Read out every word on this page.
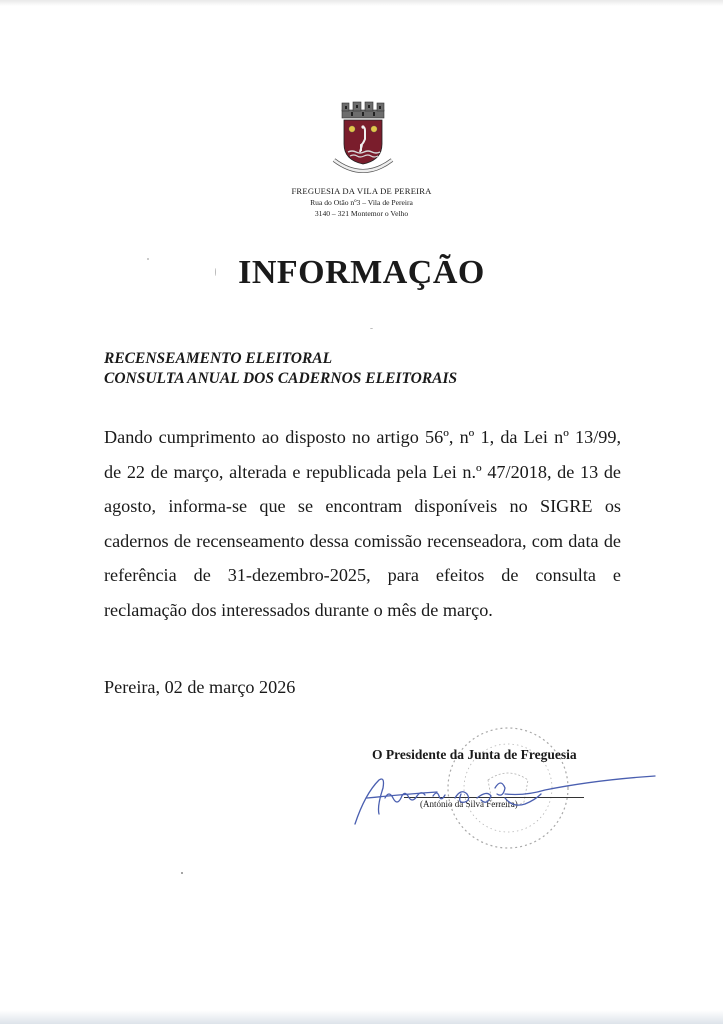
FREGUESIA DA VILA DE PEREIRA
Rua do Otão nº3 – Vila de Pereira
3140 – 321 Montemor o Velho
INFORMAÇÃO
RECENSEAMENTO ELEITORAL
CONSULTA ANUAL DOS CADERNOS ELEITORAIS
Dando cumprimento ao disposto no artigo 56º, nº 1, da Lei nº 13/99, de 22 de março, alterada e republicada pela Lei n.º 47/2018, de 13 de agosto, informa-se que se encontram disponíveis no SIGRE os cadernos de recenseamento dessa comissão recenseadora, com data de referência de 31-dezembro-2025, para efeitos de consulta e reclamação dos interessados durante o mês de março.
Pereira, 02 de março 2026
O Presidente da Junta de Freguesia
(António da Silva Ferreira)
